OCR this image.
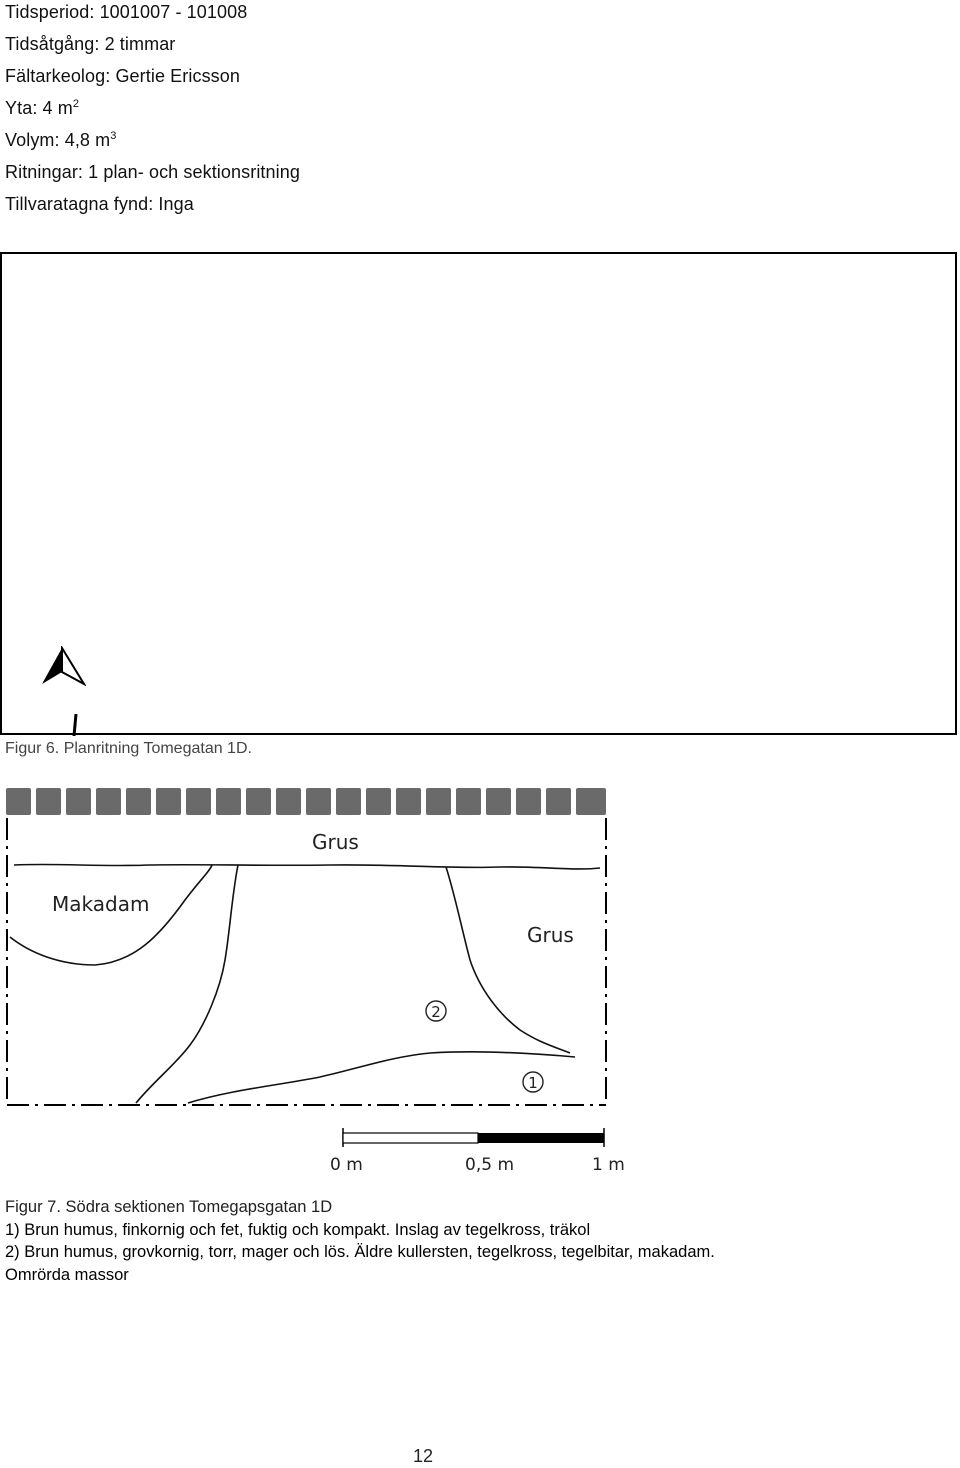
Tidsperiod: 1001007 - 101008
Tidsåtgång: 2 timmar
Fältarkeolog: Gertie Ericsson
Yta: 4 $m^2$
Volym: 4,8 $m^3$
Ritningar: 1 plan- och sektionsritning
Tillvaratagna fynd: Inga
Figur 6. Planritning Tomegatan 1D.
Grus
Makadam
Grus
2
1
0 m	0,5 m	1 m
Figur 7. Södra sektionen Tomegapsgatan 1D
1) Brun humus, finkornig och fet, fuktig och kompakt. Inslag av tegelkross, träkol
2) Brun humus, grovkornig, torr, mager och lös. Äldre kullersten, tegelkross, tegelbitar, makadam.
Omrörda massor
12
